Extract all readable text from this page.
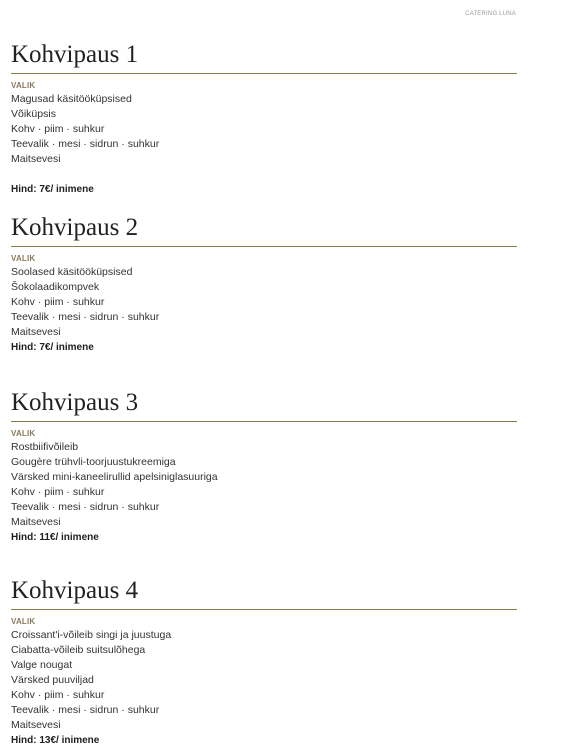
CATERING LUNA
Kohvipaus 1
VALIK
Magusad käsitööküpsised
Võiküpsis
Kohv · piim · suhkur
Teevalik · mesi · sidrun · suhkur
Maitsevesi
Hind: 7€/ inimene
Kohvipaus 2
VALIK
Soolased käsitööküpsised
Šokolaadikompvek
Kohv · piim · suhkur
Teevalik · mesi · sidrun · suhkur
Maitsevesi
Hind: 7€/ inimene
Kohvipaus 3
VALIK
Rostbiifivõileib
Gougère trühvli-toorjuustukreemiga
Värsked mini-kaneelirullid apelsiniglasuuriga
Kohv · piim · suhkur
Teevalik · mesi · sidrun · suhkur
Maitsevesi
Hind: 11€/ inimene
Kohvipaus 4
VALIK
Croissant'i-võileib singi ja juustuga
Ciabatta-võileib suitsulõhega
Valge nougat
Värsked puuviljad
Kohv · piim · suhkur
Teevalik · mesi · sidrun · suhkur
Maitsevesi
Hind: 13€/ inimene
